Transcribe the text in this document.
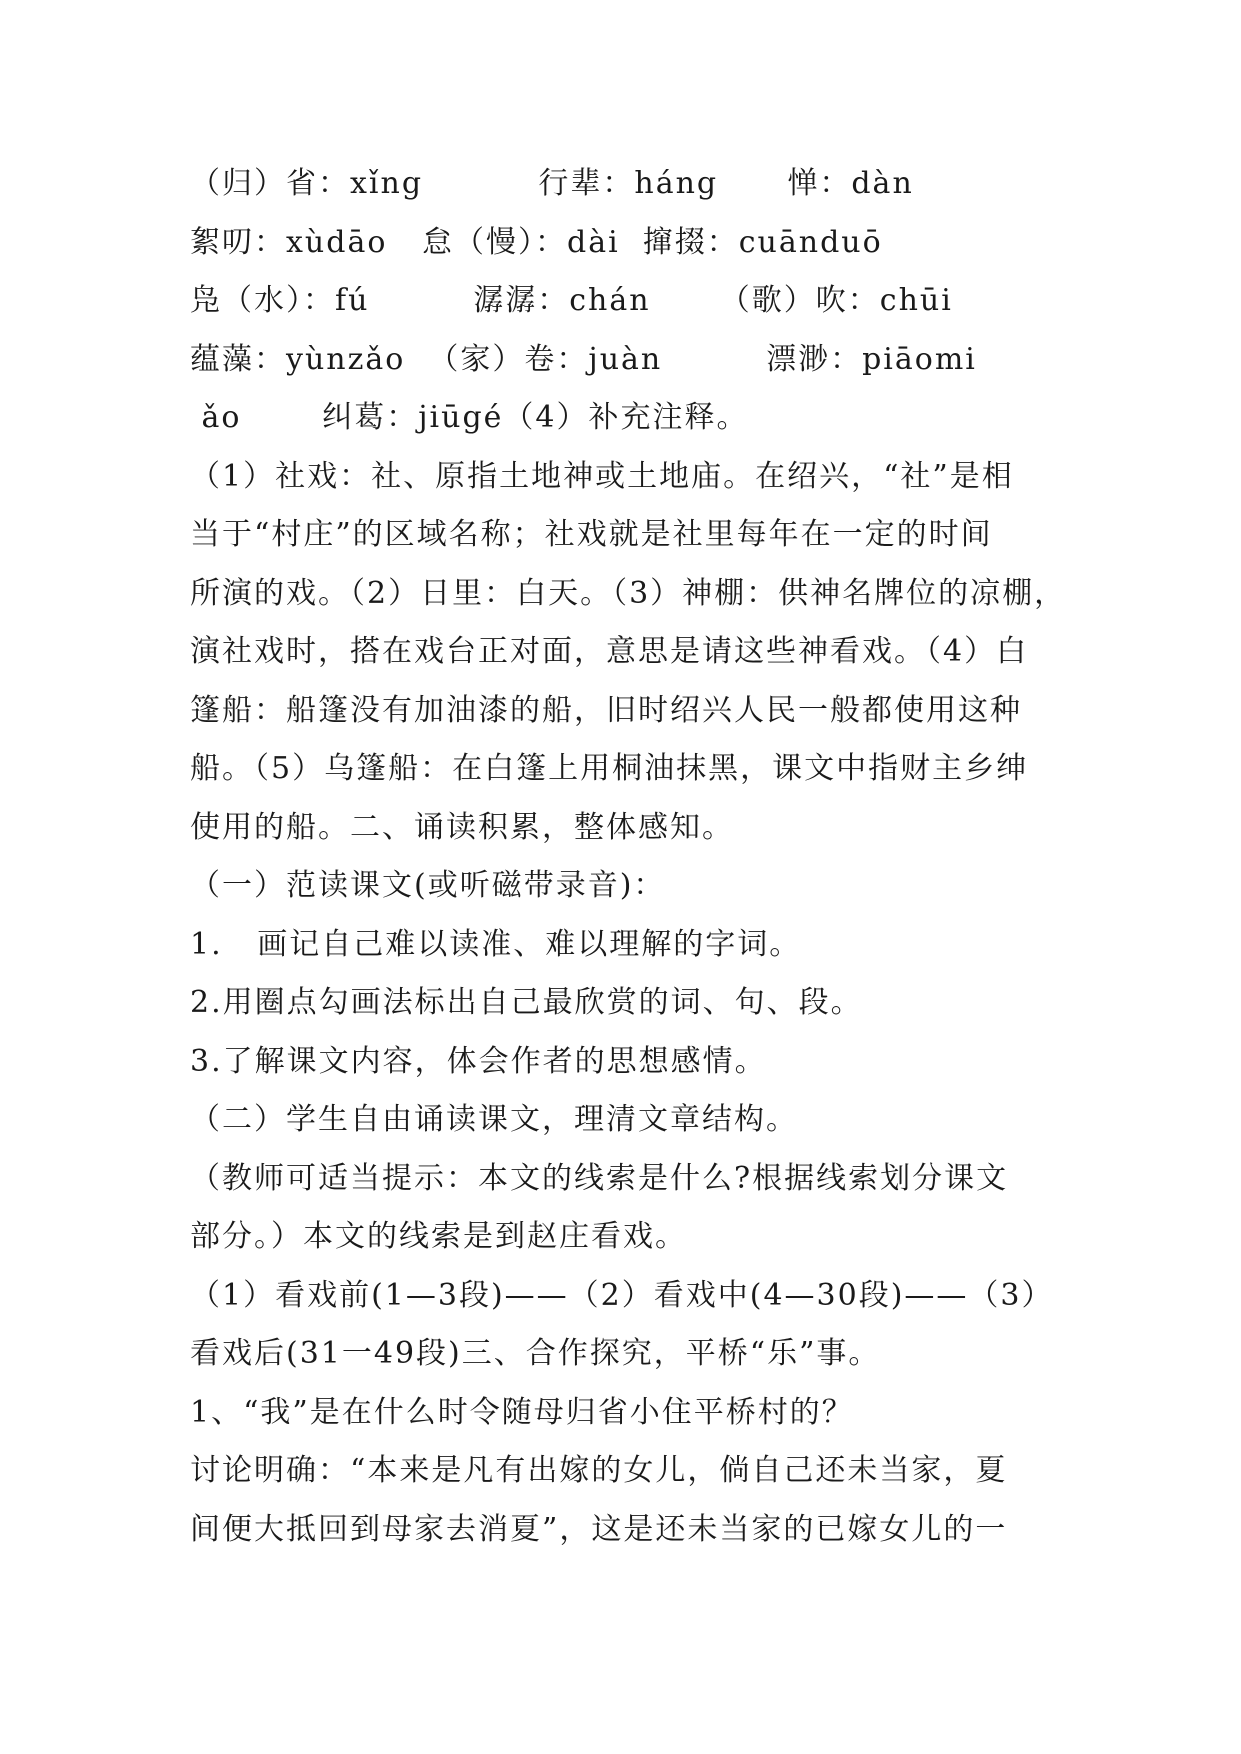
（归）省：xǐng          行辈：háng      惮：dàn
絮叨：xùdāo   怠（慢）：dài  撺掇：cuānduō
凫（水）：fú         潺潺：chán      （歌）吹：chūi
蕴藻：yùnzǎo  （家）卷：juàn         漂渺：piāomi
ǎo       纠葛：jiūgé（4）补充注释。
（1）社戏：社、原指土地神或土地庙。在绍兴，“社”是相
当于“村庄”的区域名称；社戏就是社里每年在一定的时间
所演的戏。（2）日里：白天。（3）神棚：供神名牌位的凉棚，
演社戏时，搭在戏台正对面，意思是请这些神看戏。（4）白
篷船：船篷没有加油漆的船，旧时绍兴人民一般都使用这种
船。（5）乌篷船：在白篷上用桐油抹黑，课文中指财主乡绅
使用的船。二、诵读积累，整体感知。
（一）范读课文(或听磁带录音)：
1.   画记自己难以读准、难以理解的字词。
2.用圈点勾画法标出自己最欣赏的词、句、段。
3.了解课文内容，体会作者的思想感情。
（二）学生自由诵读课文，理清文章结构。
（教师可适当提示：本文的线索是什么?根据线索划分课文
部分。）本文的线索是到赵庄看戏。
（1）看戏前(1—3段)——（2）看戏中(4—30段)——（3）
看戏后(31一49段)三、合作探究，平桥“乐”事。
1、“我”是在什么时令随母归省小住平桥村的？
讨论明确：“本来是凡有出嫁的女儿，倘自己还未当家，夏
间便大抵回到母家去消夏”，这是还未当家的已嫁女儿的一
